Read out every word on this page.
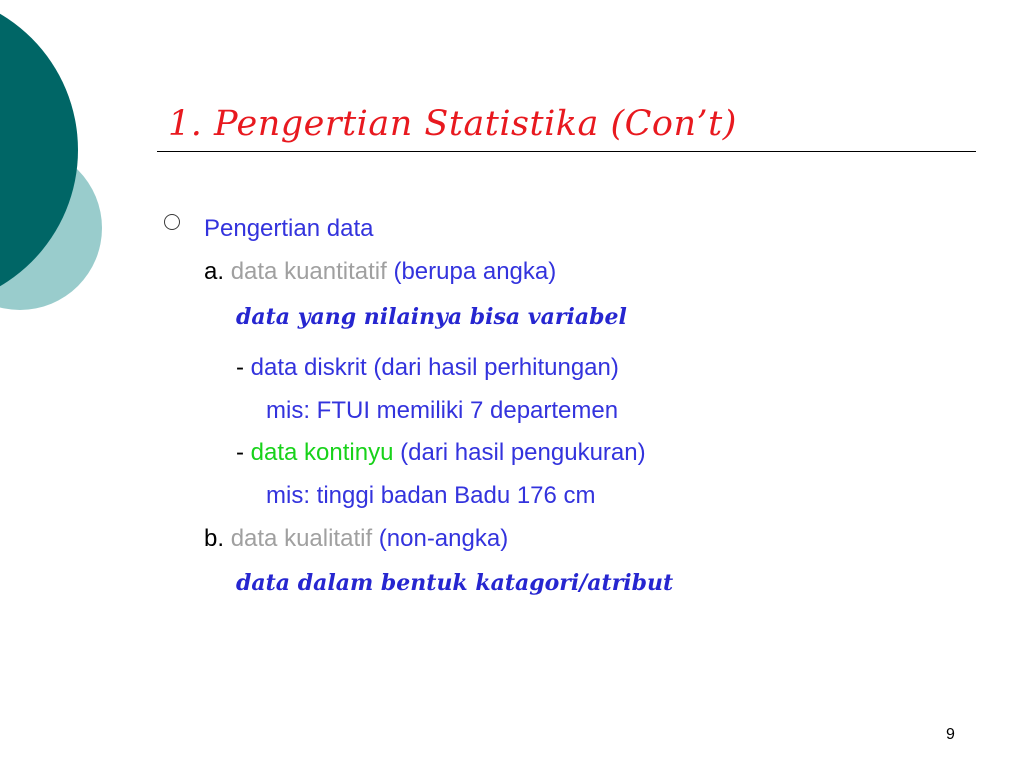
1. Pengertian Statistika (Con’t)
Pengertian data
a. data kuantitatif (berupa angka)
data yang nilainya bisa variabel
- data diskrit (dari hasil perhitungan)
mis: FTUI memiliki 7 departemen
- data kontinyu (dari hasil pengukuran)
mis: tinggi badan Badu 176 cm
b. data kualitatif (non-angka)
data dalam bentuk katagori/atribut
9
